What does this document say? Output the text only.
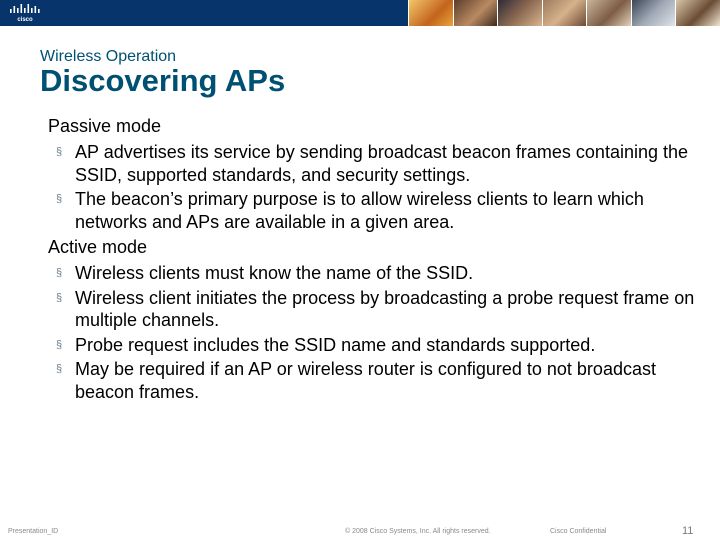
cisco
Wireless Operation
Discovering APs

Passive mode

§ AP advertises its service by sending broadcast beacon frames containing the SSID, supported standards, and security settings.
§ The beacon’s primary purpose is to allow wireless clients to learn which networks and APs are available in a given area.

Active mode

§ Wireless clients must know the name of the SSID.
§ Wireless client initiates the process by broadcasting a probe request frame on multiple channels.
§ Probe request includes the SSID name and standards supported.
§ May be required if an AP or wireless router is configured to not broadcast beacon frames.
Presentation_ID	© 2008 Cisco Systems, Inc. All rights reserved.	Cisco Confidential	11
